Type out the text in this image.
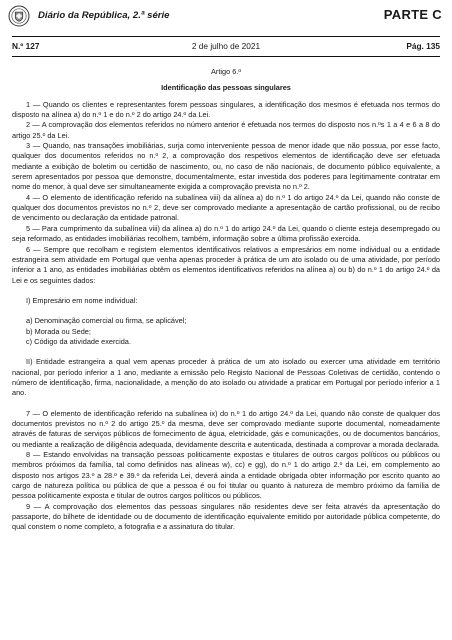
Diário da República, 2.ª série	PARTE C
N.º 127	2 de julho de 2021	Pág. 135

Artigo 6.º

Identificação das pessoas singulares

1 — Quando os clientes e representantes forem pessoas singulares, a identificação dos mesmos é efetuada nos termos do disposto na alínea a) do n.º 1 e do n.º 2 do artigo 24.º da Lei.

2 — A comprovação dos elementos referidos no número anterior é efetuada nos termos do disposto nos n.ºs 1 a 4 e 6 a 8 do artigo 25.º da Lei.

3 — Quando, nas transações imobiliárias, surja como interveniente pessoa de menor idade que não possua, por esse facto, qualquer dos documentos referidos no n.º 2, a comprovação dos respetivos elementos de identificação deve ser efetuada mediante a exibição de boletim ou certidão de nascimento, ou, no caso de não nacionais, de documento público equivalente, a serem apresentados por pessoa que demonstre, documentalmente, estar investida dos poderes para legitimamente contratar em nome do menor, à qual deve ser simultaneamente exigida a comprovação prevista no n.º 2.

4 — O elemento de identificação referido na subalínea viii) da alínea a) do n.º 1 do artigo 24.º da Lei, quando não conste de qualquer dos documentos previstos no n.º 2, deve ser comprovado mediante a apresentação de cartão profissional, ou de recibo de vencimento ou declaração da entidade patronal.

5 — Para cumprimento da subalínea viii) da alínea a) do n.º 1 do artigo 24.º da Lei, quando o cliente esteja desempregado ou seja reformado, as entidades imobiliárias recolhem, também, informação sobre a última profissão exercida.

6 — Sempre que recolham e registem elementos identificativos relativos a empresários em nome individual ou a entidade estrangeira sem atividade em Portugal que venha apenas proceder à prática de um ato isolado ou de uma atividade, por período inferior a 1 ano, as entidades imobiliárias obtêm os elementos identificativos referidos na alínea a) ou b) do n.º 1 do artigo 24.º da Lei e os seguintes dados:

I) Empresário em nome individual:

a) Denominação comercial ou firma, se aplicável;

b) Morada ou Sede;

c) Código da atividade exercida.

II) Entidade estrangeira a qual vem apenas proceder à prática de um ato isolado ou exercer uma atividade em território nacional, por período inferior a 1 ano, mediante a emissão pelo Registo Nacional de Pessoas Coletivas de certidão, contendo o número de identificação, firma, nacionalidade, a menção do ato isolado ou atividade a praticar em Portugal por período inferior a 1 ano.

7 — O elemento de identificação referido na subalínea ix) do n.º 1 do artigo 24.º da Lei, quando não conste de qualquer dos documentos previstos no n.º 2 do artigo 25.º da mesma, deve ser comprovado mediante suporte documental, nomeadamente através de faturas de serviços públicos de fornecimento de água, eletricidade, gás e comunicações, ou de documentos bancários, ou mediante a realização de diligência adequada, devidamente descrita e autenticada, destinada a comprovar a morada declarada.

8 — Estando envolvidas na transação pessoas politicamente expostas e titulares de outros cargos políticos ou públicos ou membros próximos da família, tal como definidos nas alíneas w), cc) e gg), do n.º 1 do artigo 2.º da Lei, em complemento ao disposto nos artigos 23.º a 28.º e 39.º da referida Lei, deverá ainda a entidade obrigada obter informação por escrito quanto ao cargo de natureza política ou pública de que a pessoa é ou foi titular ou quanto à natureza de membro próximo da família de pessoa politicamente exposta e titular de outros cargos políticos ou públicos.

9 — A comprovação dos elementos das pessoas singulares não residentes deve ser feita através da apresentação do passaporte, do bilhete de identidade ou de documento de identificação equivalente emitido por autoridade pública competente, do qual constem o nome completo, a fotografia e a assinatura do titular.
